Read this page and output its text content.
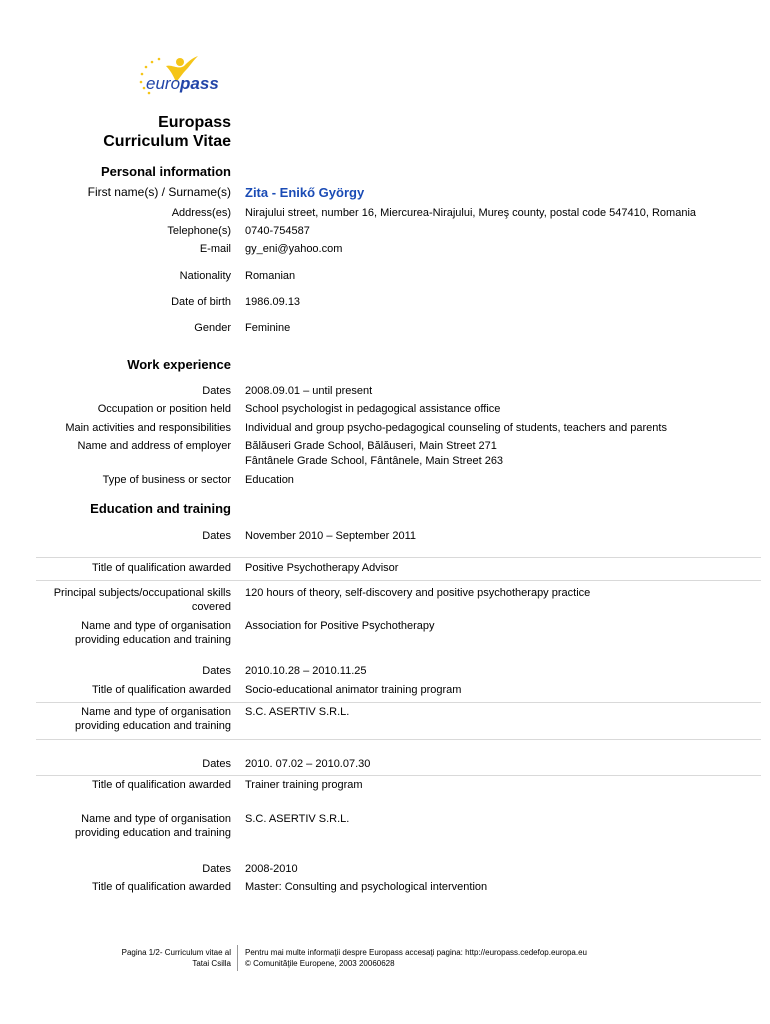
europass
Europass
Curriculum Vitae
Personal information
First name(s) / Surname(s) Zita - Enikő György
Address(es) Nirajului street, number 16, Miercurea-Nirajului, Mureş county, postal code 547410, Romania
Telephone(s) 0740-754587
E-mail gy_eni@yahoo.com
Nationality Romanian
Date of birth 1986.09.13
Gender Feminine
Work experience
Dates 2008.09.01 – until present
Occupation or position held School psychologist in pedagogical assistance office
Main activities and responsibilities Individual and group psycho-pedagogical counseling of students, teachers and parents
Name and address of employer Bălăuseri Grade School, Bălăuseri, Main Street 271
Fântânele Grade School, Fântânele, Main Street 263
Type of business or sector Education
Education and training
Dates November 2010 – September 2011
Title of qualification awarded Positive Psychotherapy Advisor
Principal subjects/occupational skills
covered
120 hours of theory, self-discovery and positive psychotherapy practice
Name and type of organisation
providing education and training
Association for Positive Psychotherapy
Dates 2010.10.28 – 2010.11.25
Title of qualification awarded Socio-educational animator training program
Name and type of organisation
providing education and training
S.C. ASERTIV S.R.L.
Dates 2010. 07.02 – 2010.07.30
Title of qualification awarded Trainer training program
Name and type of organisation
providing education and training
S.C. ASERTIV S.R.L.
Dates 2008-2010
Title of qualification awarded Master: Consulting and psychological intervention
Pagina 1/2- Curriculum vitae al
Tatai Csilla
Pentru mai multe informaţii despre Europass accesaţi pagina: http://europass.cedefop.europa.eu
© Comunităţile Europene, 2003 20060628
